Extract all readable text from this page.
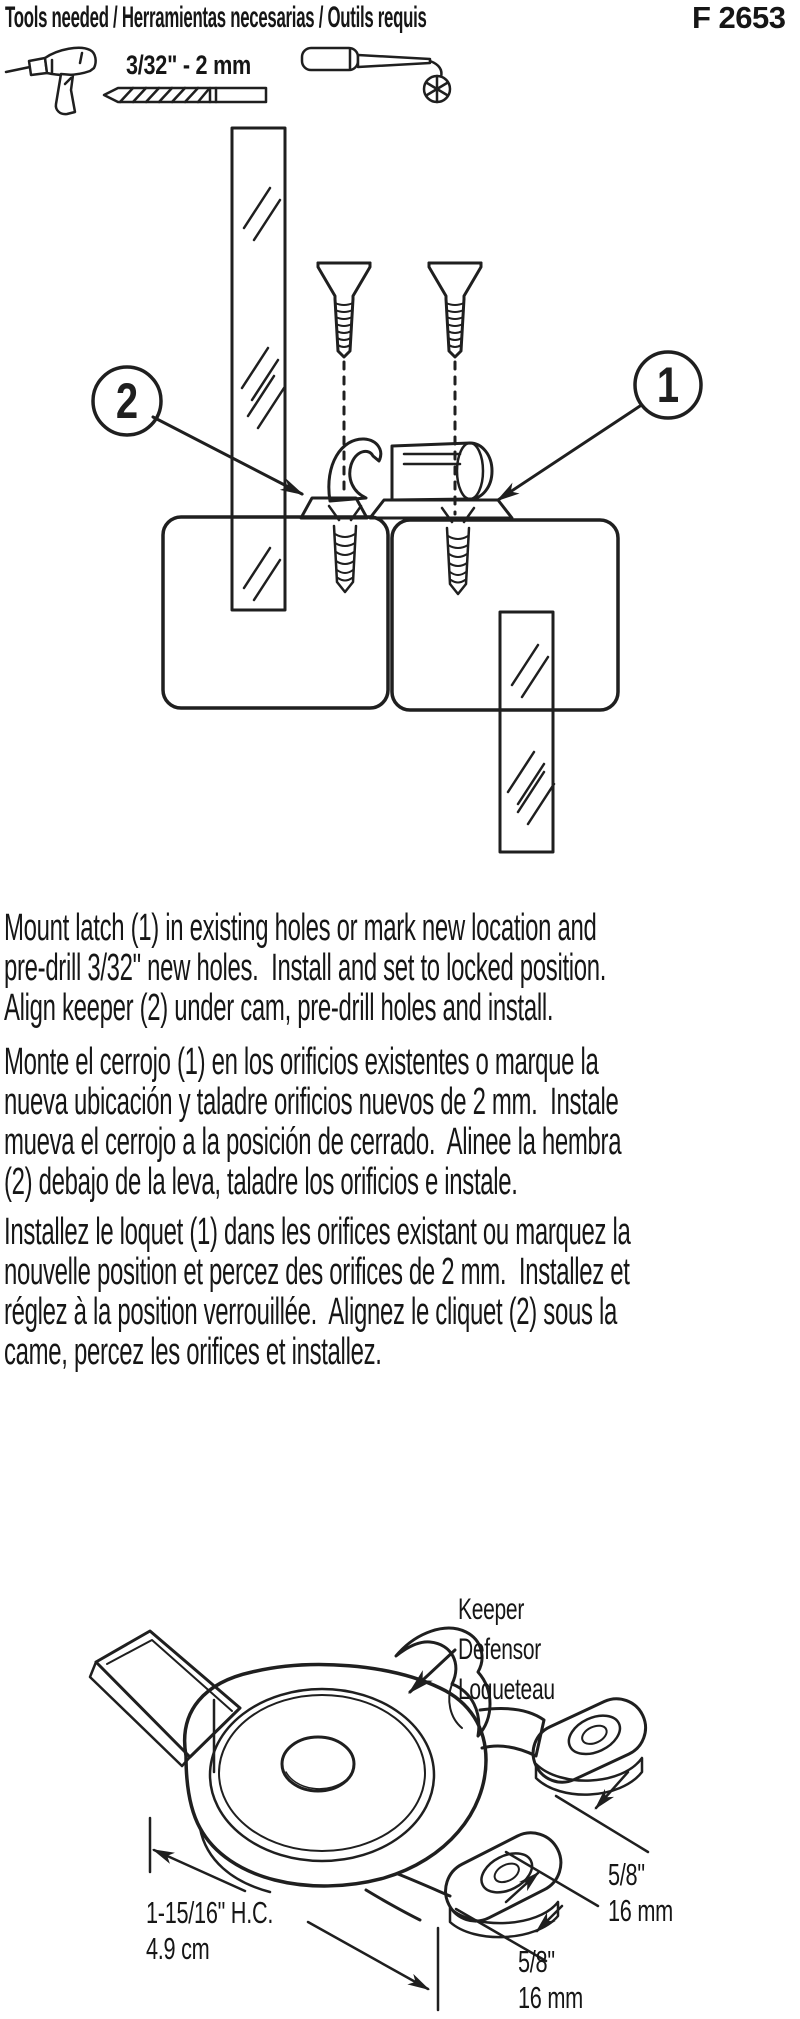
Tools needed / Herramientas necesarias / Outils requis	F 2653
3/32" - 2 mm
2	1
Mount latch (1) in existing holes or mark new location and
pre-drill 3/32" new holes.  Install and set to locked position.
Align keeper (2) under cam, pre-drill holes and install.
Monte el cerrojo (1) en los orificios existentes o marque la
nueva ubicación y taladre orificios nuevos de 2 mm.  Instale
mueva el cerrojo a la posición de cerrado.  Alinee la hembra
(2) debajo de la leva, taladre los orificios e instale.
Installez le loquet (1) dans les orifices existant ou marquez la
nouvelle position et percez des orifices de 2 mm.  Installez et
réglez à la position verrouillée.  Alignez le cliquet (2) sous la
came, percez les orifices et installez.
Keeper
Defensor
Loqueteau
1-15/16" H.C.
4.9 cm
5/8"
16 mm
5/8"
16 mm
